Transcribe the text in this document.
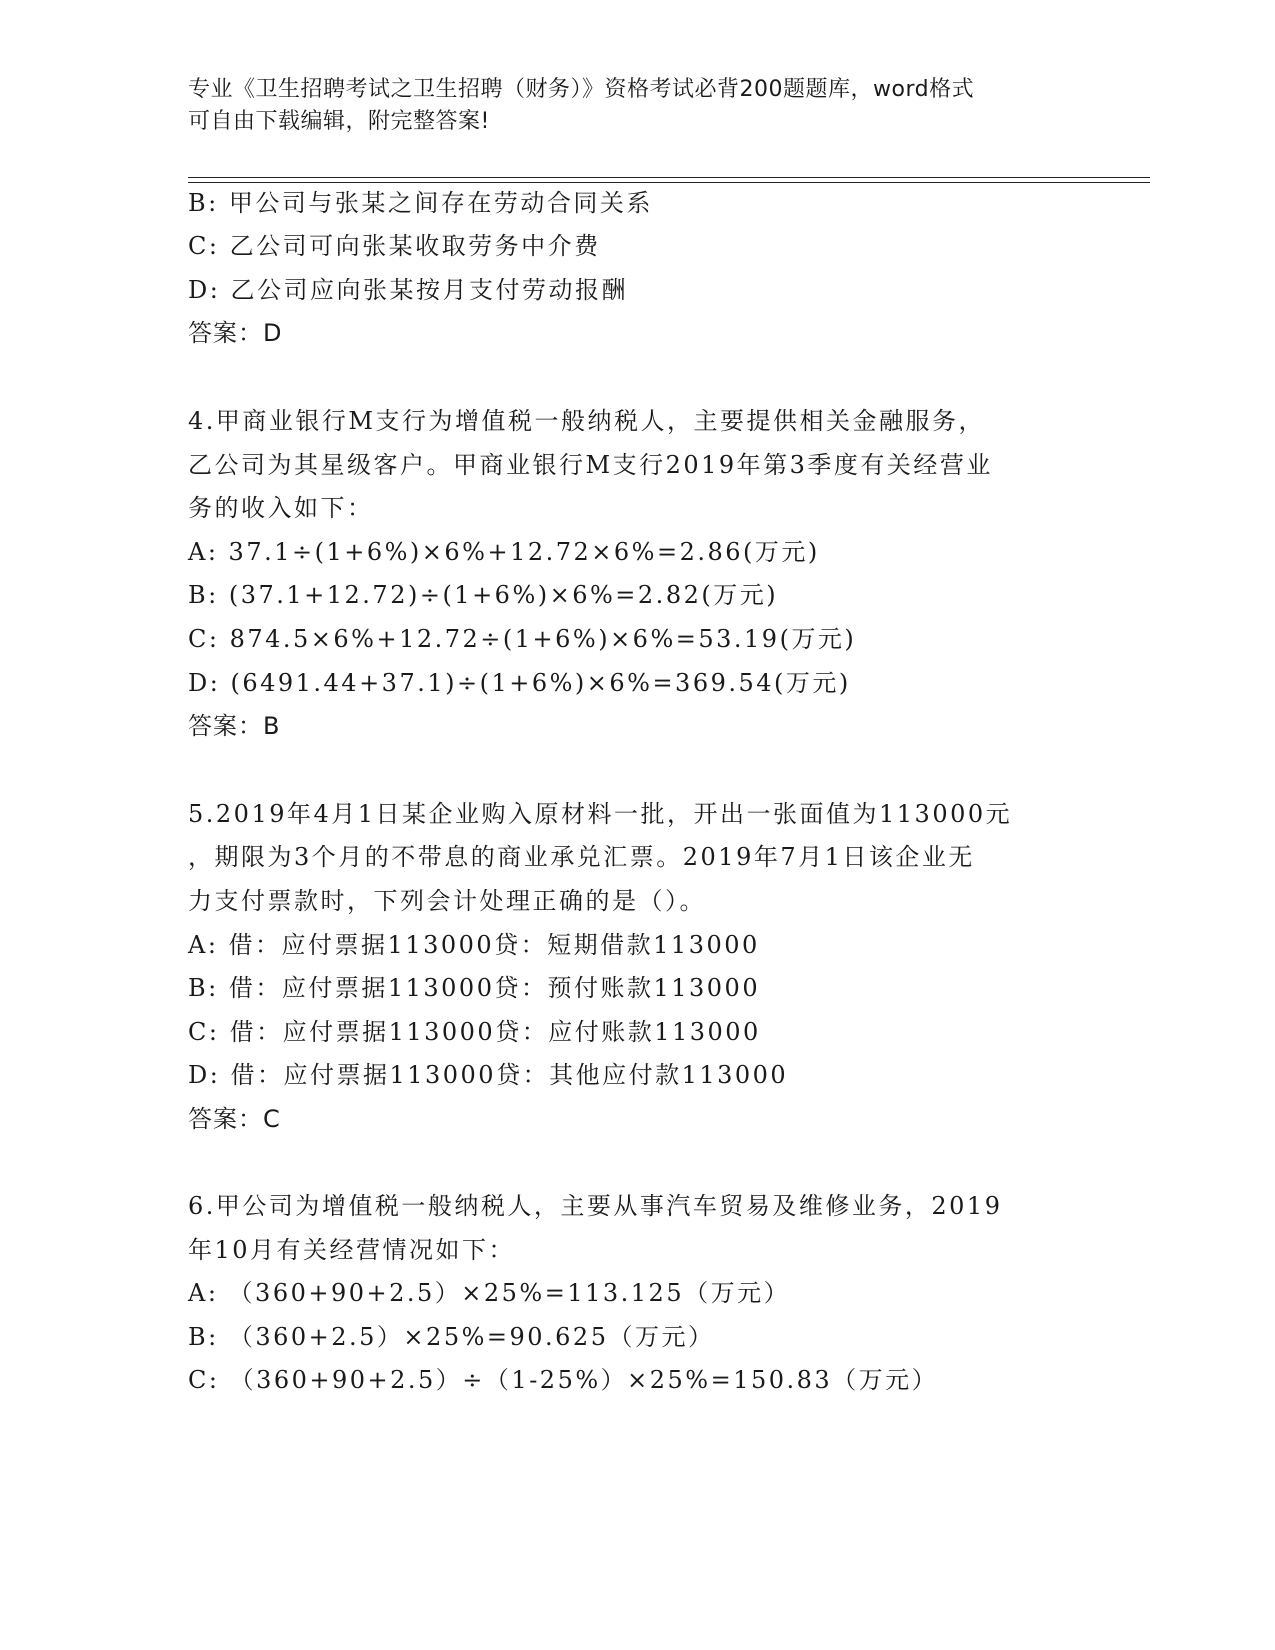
专业《卫生招聘考试之卫生招聘（财务）》资格考试必背200题题库，word格式
可自由下载编辑，附完整答案!
B: 甲公司与张某之间存在劳动合同关系
C: 乙公司可向张某收取劳务中介费
D: 乙公司应向张某按月支付劳动报酬
答案：D
4.甲商业银行M支行为增值税一般纳税人，主要提供相关金融服务，
乙公司为其星级客户。甲商业银行M支行2019年第3季度有关经营业
务的收入如下：
A: 37.1÷(1+6%)×6%+12.72×6%=2.86(万元)
B: (37.1+12.72)÷(1+6%)×6%=2.82(万元)
C: 874.5×6%+12.72÷(1+6%)×6%=53.19(万元)
D: (6491.44+37.1)÷(1+6%)×6%=369.54(万元)
答案：B
5.2019年4月1日某企业购入原材料一批，开出一张面值为113000元
，期限为3个月的不带息的商业承兑汇票。2019年7月1日该企业无
力支付票款时，下列会计处理正确的是（）。
A: 借：应付票据113000贷：短期借款113000
B: 借：应付票据113000贷：预付账款113000
C: 借：应付票据113000贷：应付账款113000
D: 借：应付票据113000贷：其他应付款113000
答案：C
6.甲公司为增值税一般纳税人，主要从事汽车贸易及维修业务，2019
年10月有关经营情况如下：
A: （360+90+2.5）×25%=113.125（万元）
B: （360+2.5）×25%=90.625（万元）
C: （360+90+2.5）÷（1-25%）×25%=150.83（万元）
